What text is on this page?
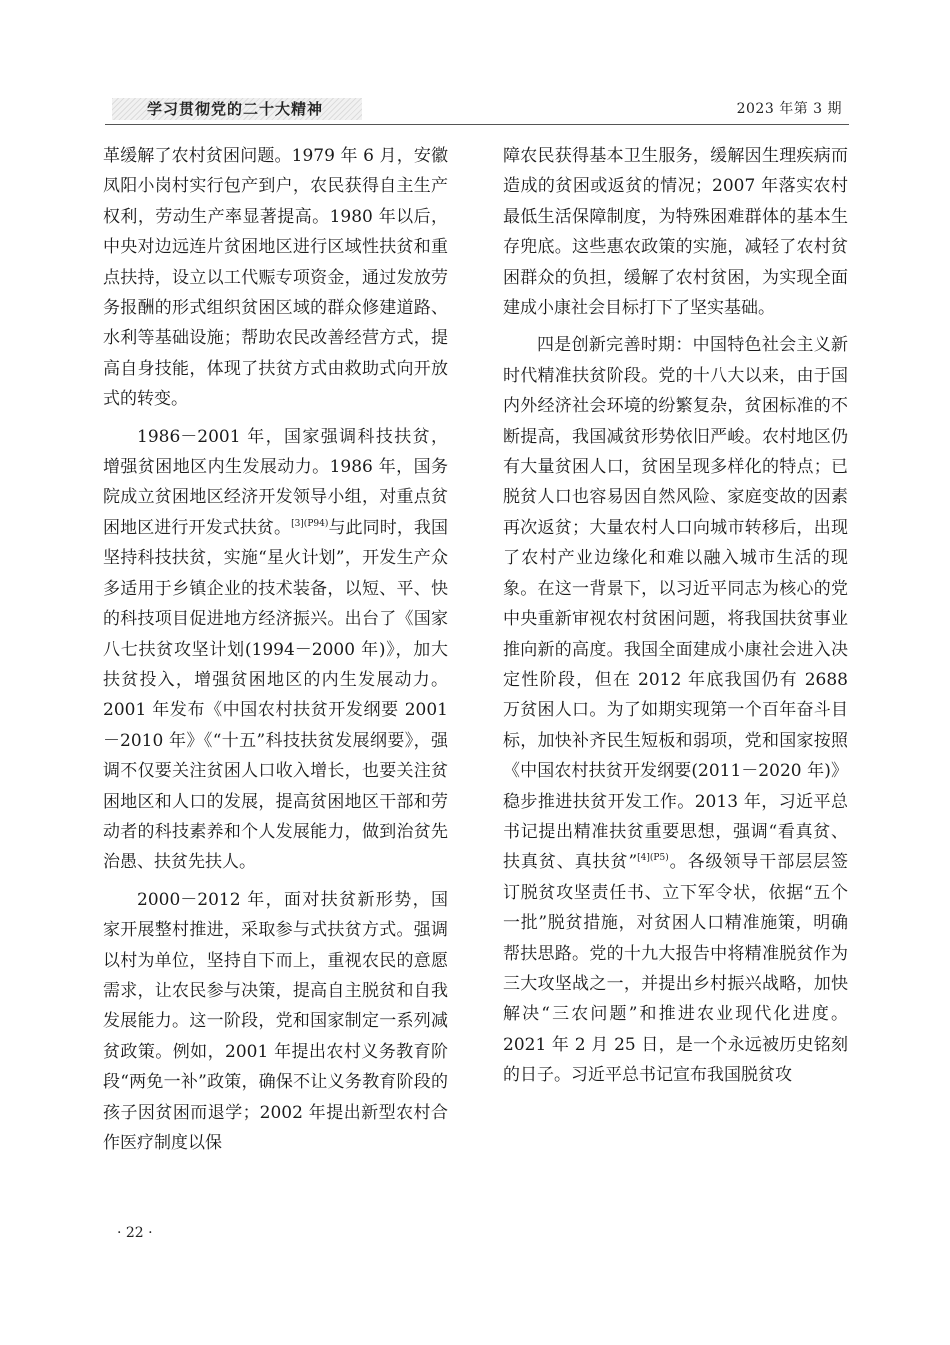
学习贯彻党的二十大精神	2023 年第 3 期

革缓解了农村贫困问题。1979 年 6 月，安徽凤阳小岗村实行包产到户，农民获得自主生产权利，劳动生产率显著提高。1980 年以后，中央对边远连片贫困地区进行区域性扶贫和重点扶持，设立以工代赈专项资金，通过发放劳务报酬的形式组织贫困区域的群众修建道路、水利等基础设施；帮助农民改善经营方式，提高自身技能，体现了扶贫方式由救助式向开放式的转变。

1986－2001 年，国家强调科技扶贫，增强贫困地区内生发展动力。1986 年，国务院成立贫困地区经济开发领导小组，对重点贫困地区进行开发式扶贫。$^{[3](P94)}$与此同时，我国坚持科技扶贫，实施“星火计划”，开发生产众多适用于乡镇企业的技术装备，以短、平、快的科技项目促进地方经济振兴。出台了《国家八七扶贫攻坚计划(1994－2000 年)》，加大扶贫投入，增强贫困地区的内生发展动力。2001 年发布《中国农村扶贫开发纲要 2001－2010 年》《“十五”科技扶贫发展纲要》，强调不仅要关注贫困人口收入增长，也要关注贫困地区和人口的发展，提高贫困地区干部和劳动者的科技素养和个人发展能力，做到治贫先治愚、扶贫先扶人。

2000－2012 年，面对扶贫新形势，国家开展整村推进，采取参与式扶贫方式。强调以村为单位，坚持自下而上，重视农民的意愿需求，让农民参与决策，提高自主脱贫和自我发展能力。这一阶段，党和国家制定一系列减贫政策。例如，2001 年提出农村义务教育阶段“两免一补”政策，确保不让义务教育阶段的孩子因贫困而退学；2002 年提出新型农村合作医疗制度以保

障农民获得基本卫生服务，缓解因生理疾病而造成的贫困或返贫的情况；2007 年落实农村最低生活保障制度，为特殊困难群体的基本生存兜底。这些惠农政策的实施，减轻了农村贫困群众的负担，缓解了农村贫困，为实现全面建成小康社会目标打下了坚实基础。

四是创新完善时期：中国特色社会主义新时代精准扶贫阶段。党的十八大以来，由于国内外经济社会环境的纷繁复杂，贫困标准的不断提高，我国减贫形势依旧严峻。农村地区仍有大量贫困人口，贫困呈现多样化的特点；已脱贫人口也容易因自然风险、家庭变故的因素再次返贫；大量农村人口向城市转移后，出现了农村产业边缘化和难以融入城市生活的现象。在这一背景下，以习近平同志为核心的党中央重新审视农村贫困问题，将我国扶贫事业推向新的高度。我国全面建成小康社会进入决定性阶段，但在 2012 年底我国仍有 2688 万贫困人口。为了如期实现第一个百年奋斗目标，加快补齐民生短板和弱项，党和国家按照《中国农村扶贫开发纲要(2011－2020 年)》稳步推进扶贫开发工作。2013 年，习近平总书记提出精准扶贫重要思想，强调“看真贫、扶真贫、真扶贫”$^{[4](P5)}$。各级领导干部层层签订脱贫攻坚责任书、立下军令状，依据“五个一批”脱贫措施，对贫困人口精准施策，明确帮扶思路。党的十九大报告中将精准脱贫作为三大攻坚战之一，并提出乡村振兴战略，加快解决“三农问题”和推进农业现代化进度。2021 年 2 月 25 日，是一个永远被历史铭刻的日子。习近平总书记宣布我国脱贫攻

· 22 ·
